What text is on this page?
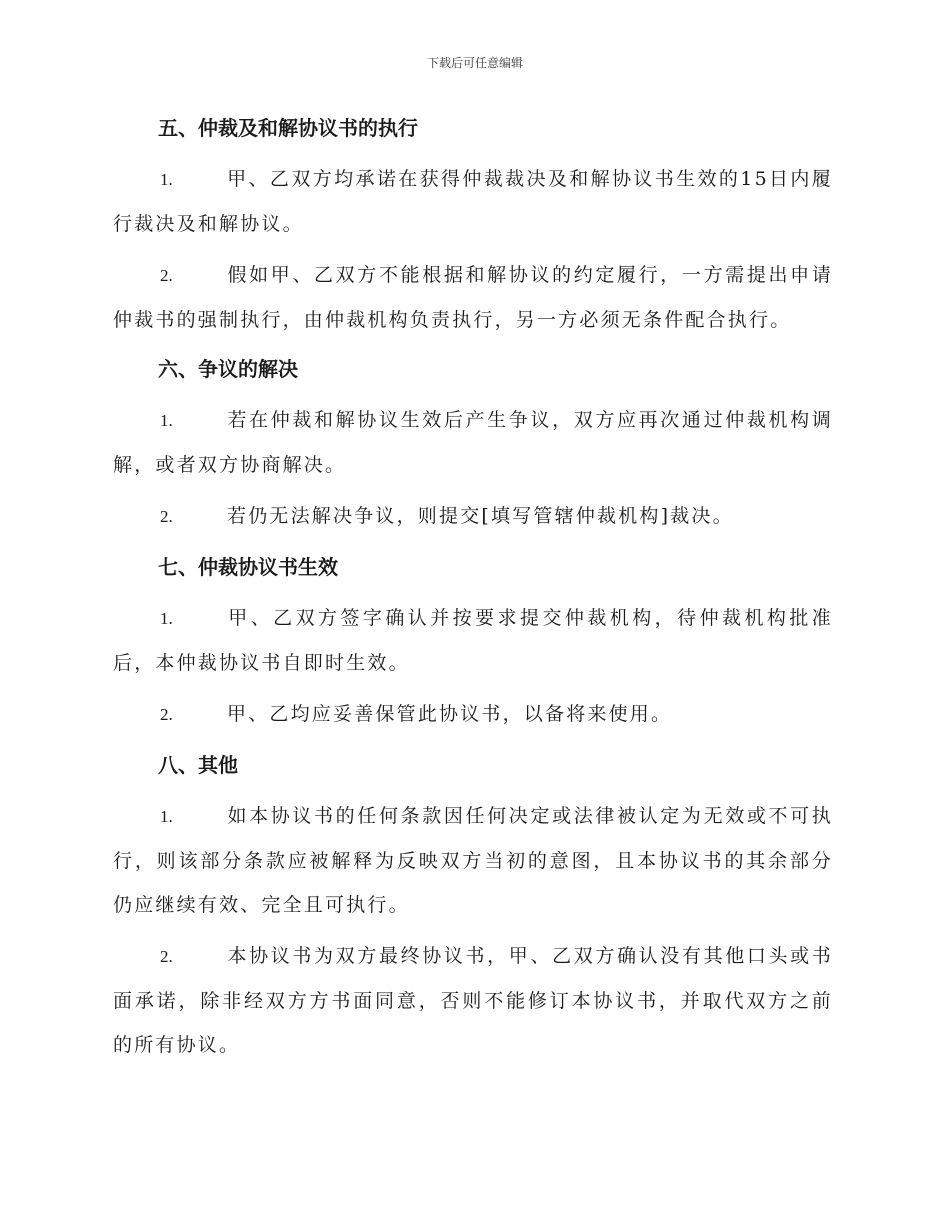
下载后可任意编辑
五、仲裁及和解协议书的执行
1.	甲、乙双方均承诺在获得仲裁裁决及和解协议书生效的15日内履行裁决及和解协议。
2.	假如甲、乙双方不能根据和解协议的约定履行，一方需提出申请仲裁书的强制执行，由仲裁机构负责执行，另一方必须无条件配合执行。
六、争议的解决
1.	若在仲裁和解协议生效后产生争议，双方应再次通过仲裁机构调解，或者双方协商解决。
2.	若仍无法解决争议，则提交[填写管辖仲裁机构]裁决。
七、仲裁协议书生效
1.	甲、乙双方签字确认并按要求提交仲裁机构，待仲裁机构批准后，本仲裁协议书自即时生效。
2.	甲、乙均应妥善保管此协议书，以备将来使用。
八、其他
1.	如本协议书的任何条款因任何决定或法律被认定为无效或不可执行，则该部分条款应被解释为反映双方当初的意图，且本协议书的其余部分仍应继续有效、完全且可执行。
2.	本协议书为双方最终协议书，甲、乙双方确认没有其他口头或书面承诺，除非经双方方书面同意，否则不能修订本协议书，并取代双方之前的所有协议。
